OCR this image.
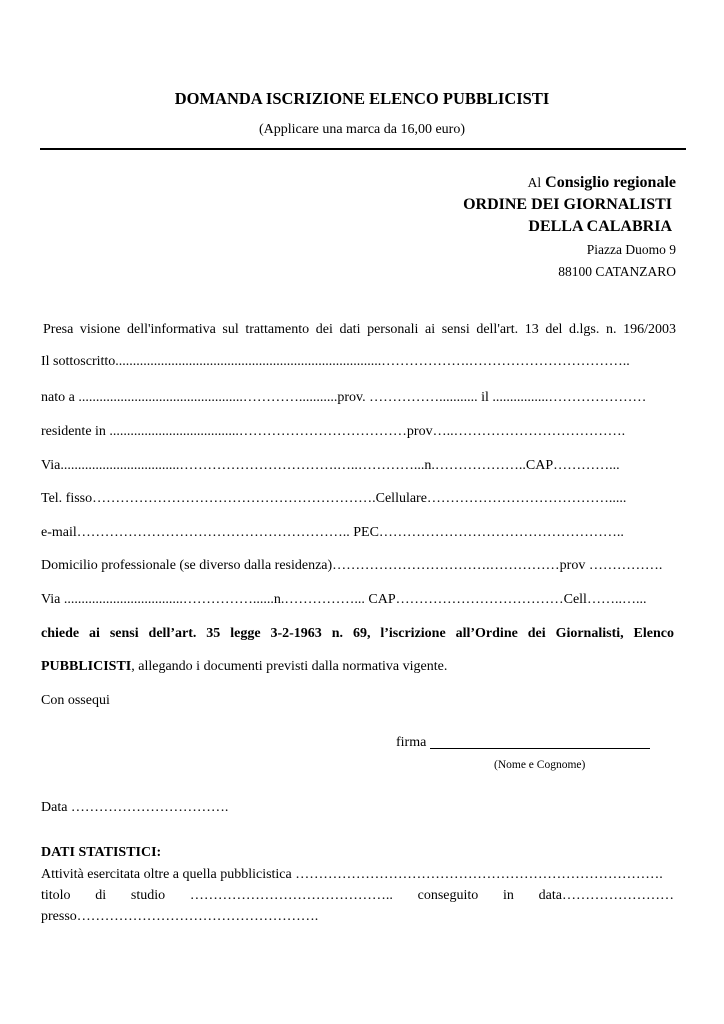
DOMANDA ISCRIZIONE ELENCO PUBBLICISTI
(Applicare una marca da 16,00 euro)
Al Consiglio regionale
ORDINE DEI GIORNALISTI
DELLA CALABRIA
Piazza Duomo 9
88100 CATANZARO
Presa visione dell'informativa sul trattamento dei dati personali ai sensi dell'art. 13 del d.lgs. n. 196/2003
Il sottoscritto............................................................................……………….……………………………..
nato a ...............................................…………...........prov. ……………........... il ................…………………
residente in .....................................………………………………prov…..……………………………….
Via..................................…………………………….…..…………...n.………………..CAP…………...
Tel. fisso…………………………………………………….Cellulare………………………………….....
e-mail………………………………………………….. PEC……………………………………………..
Domicilio professionale (se diverso dalla residenza)…………………………….……………prov …………….
Via ..................................……………......n.……………... CAP………………………………Cell……..…...
chiede ai sensi dell’art. 35 legge 3-2-1963 n. 69, l’iscrizione all’Ordine dei Giornalisti, Elenco
PUBBLICISTI, allegando i documenti previsti dalla normativa vigente.
Con ossequi
firma
(Nome e Cognome)
Data …………………………….
DATI STATISTICI:
Attività esercitata oltre a quella pubblicistica …………………………………………………………………….
titolo di studio …………………………………….. conseguito in data……………………
presso…………………………………………….
